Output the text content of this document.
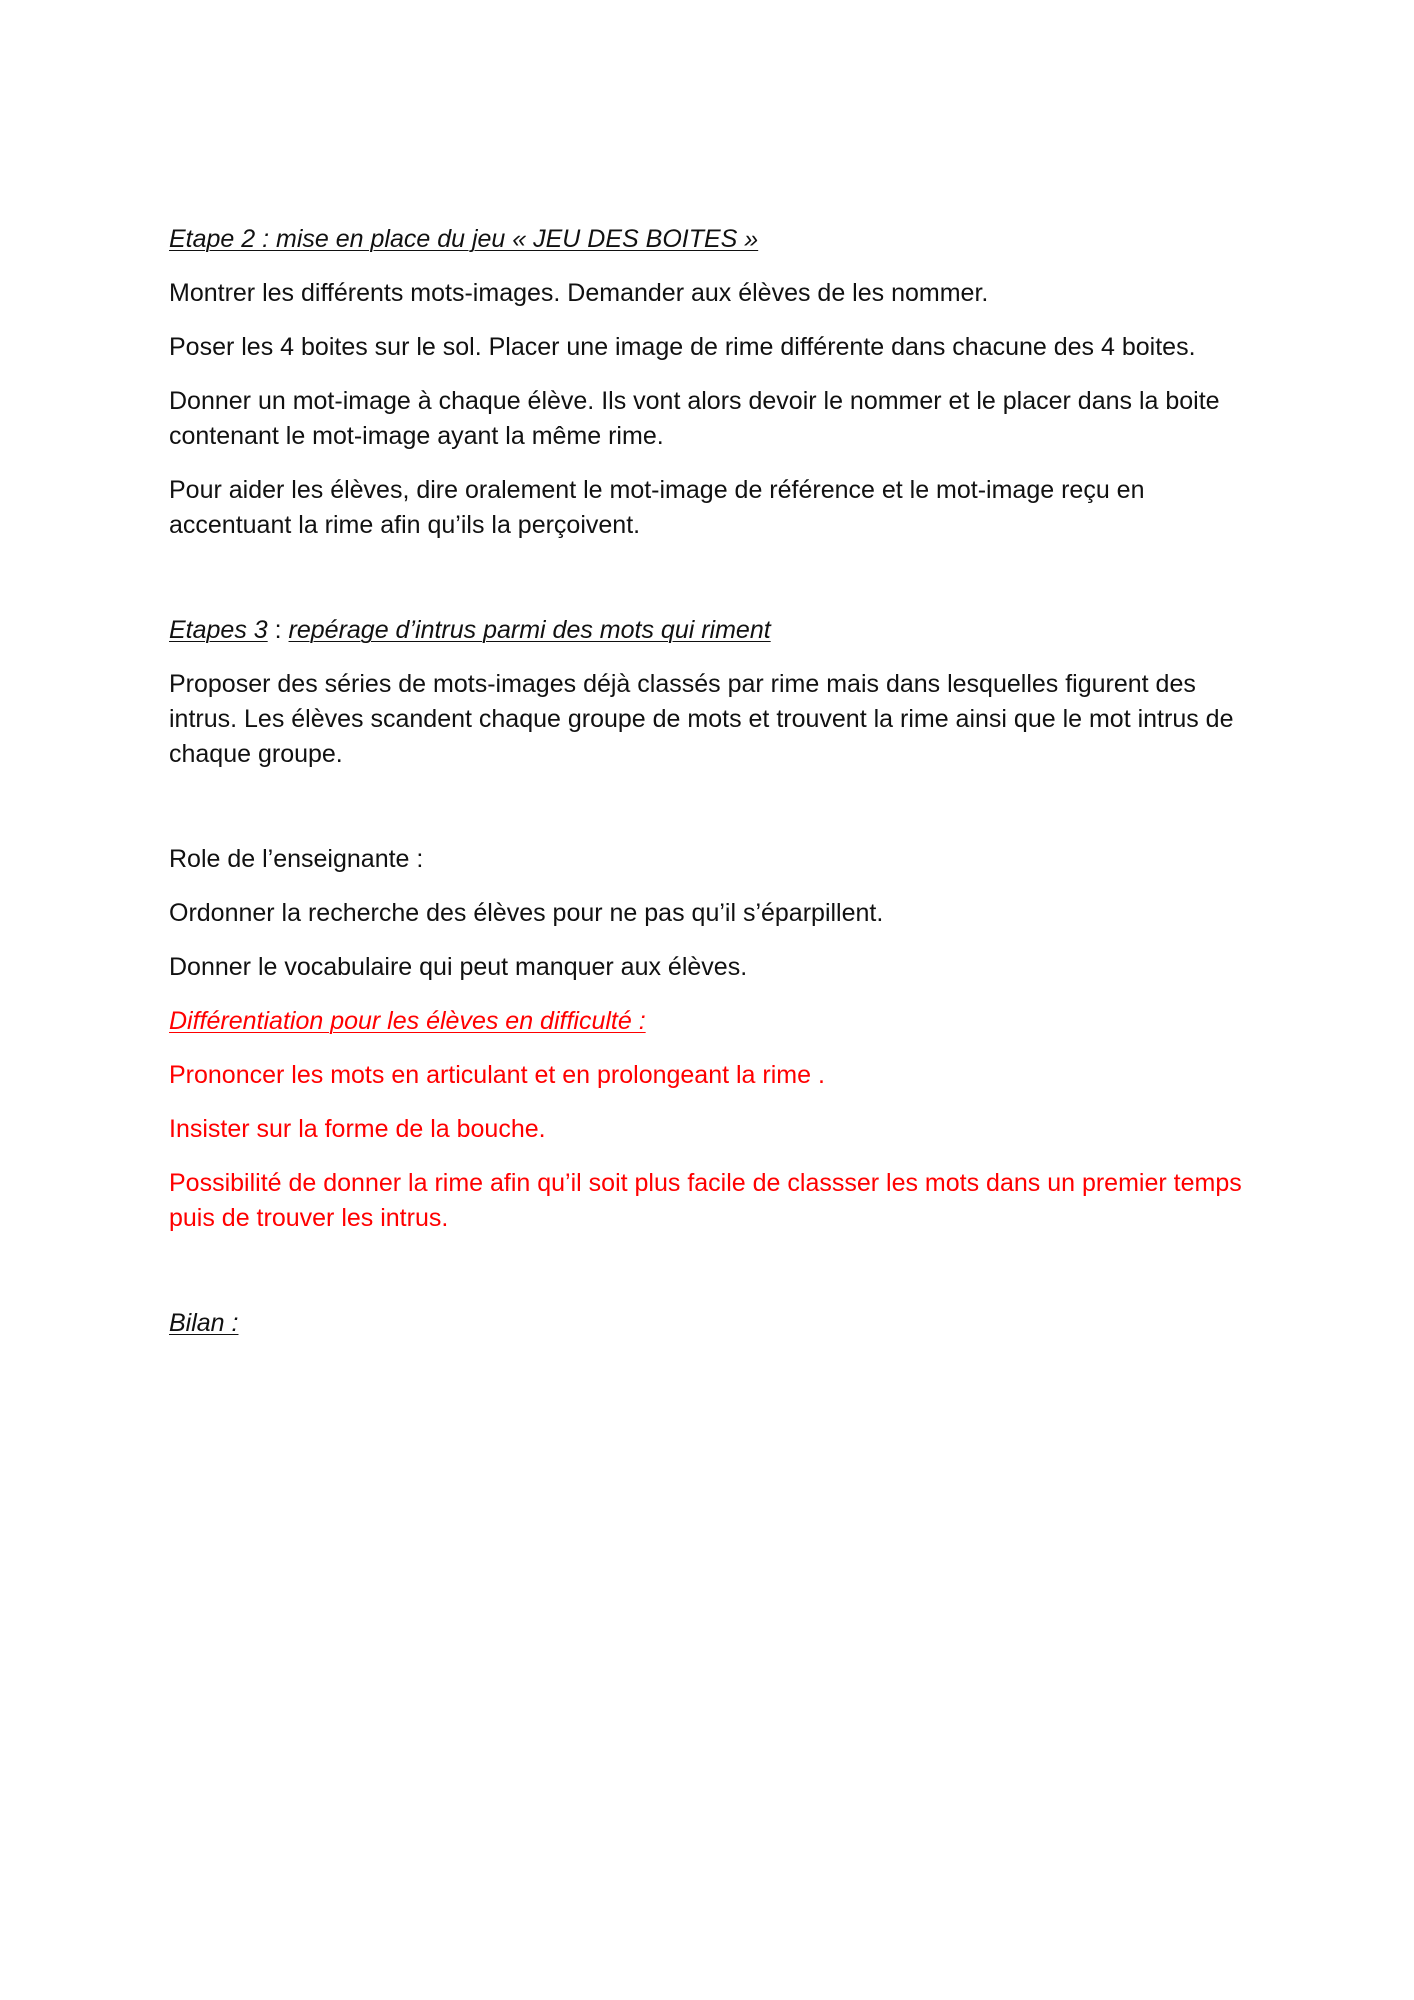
Etape 2 : mise en place du jeu « JEU DES BOITES »

Montrer les différents mots-images. Demander aux élèves de les nommer.

Poser les 4 boites sur le sol. Placer une image de rime différente dans chacune des 4 boites.

Donner un mot-image à chaque élève. Ils vont alors devoir le nommer et le placer dans la boite contenant le mot-image ayant la même rime.

Pour aider les élèves, dire oralement le mot-image de référence et le mot-image reçu en accentuant la rime afin qu’ils la perçoivent.

Etapes 3 : repérage d’intrus parmi des mots qui riment

Proposer des séries de mots-images déjà classés par rime mais dans lesquelles figurent des intrus. Les élèves scandent chaque groupe de mots et trouvent la rime ainsi que le mot intrus de chaque groupe.

Role de l’enseignante :

Ordonner la recherche des élèves pour ne pas qu’il s’éparpillent.

Donner le vocabulaire qui peut manquer aux élèves.

Différentiation pour les élèves en difficulté :

Prononcer les mots en articulant et en prolongeant la rime .

Insister sur la forme de la bouche.

Possibilité de donner la rime afin qu’il soit plus facile de classser les mots dans un premier temps puis de trouver les intrus.

Bilan :
